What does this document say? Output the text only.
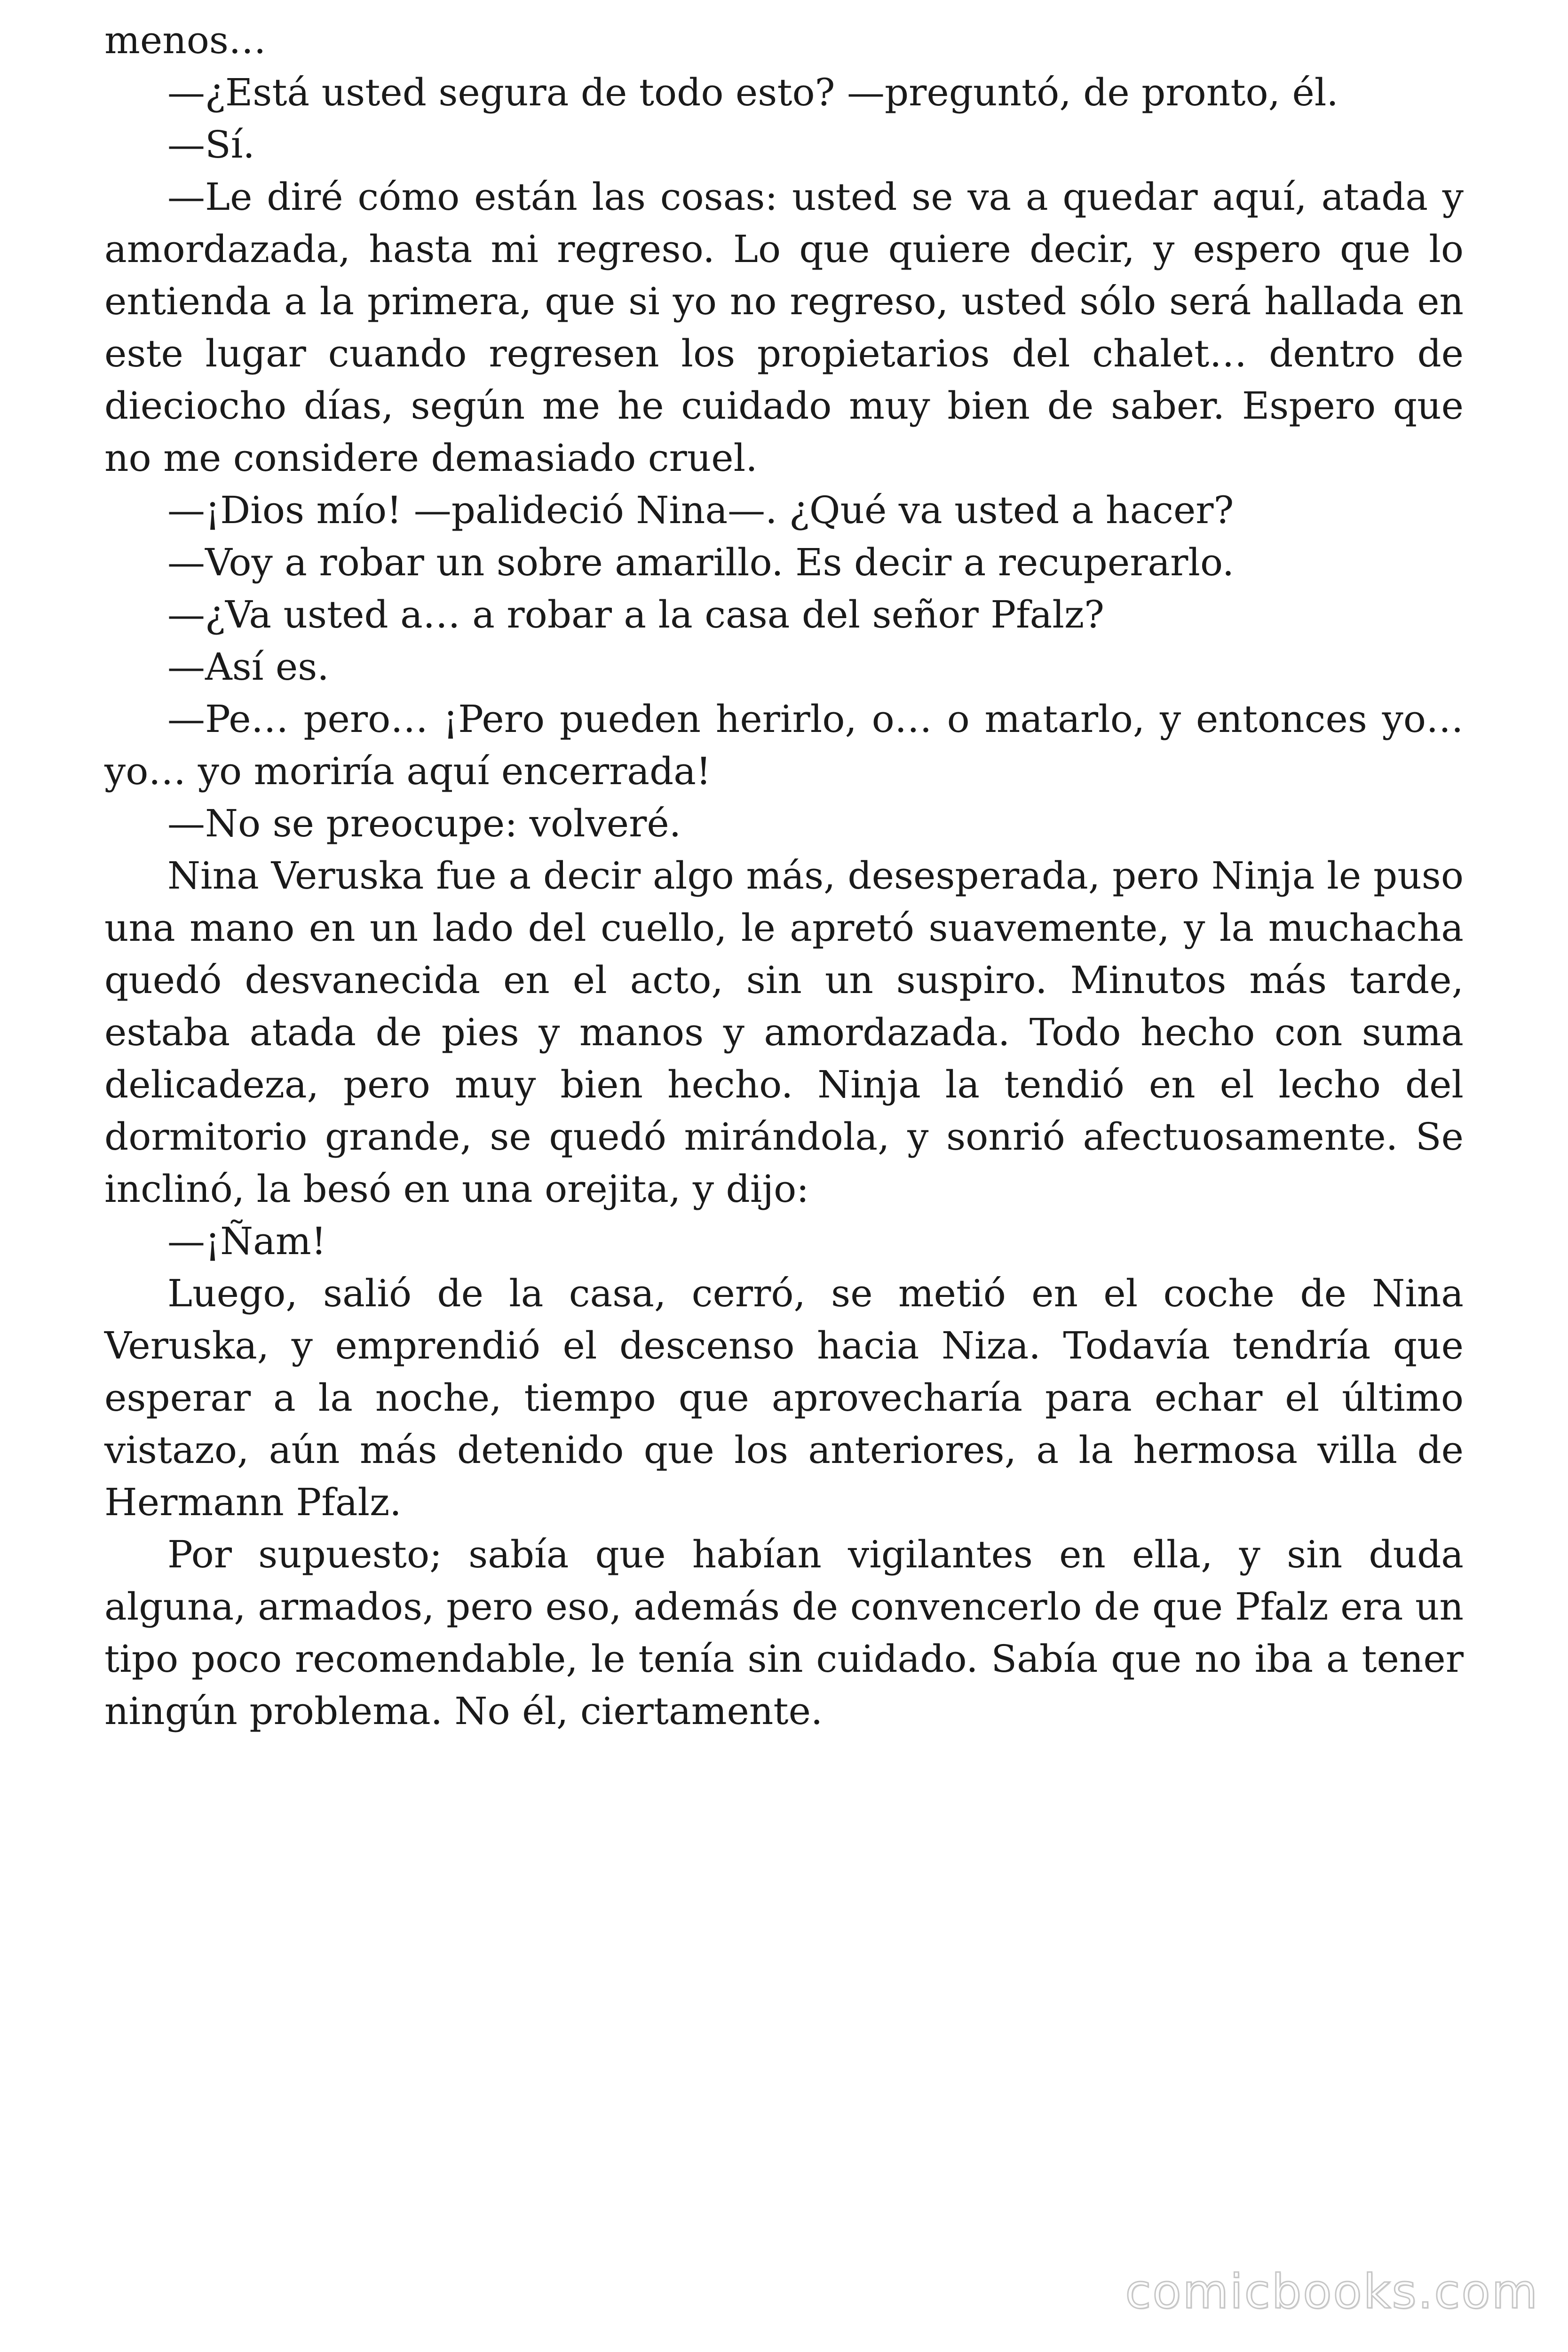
menos…

—¿Está usted segura de todo esto? —preguntó, de pronto, él.

—Sí.

—Le diré cómo están las cosas: usted se va a quedar aquí, atada y amordazada, hasta mi regreso. Lo que quiere decir, y espero que lo entienda a la primera, que si yo no regreso, usted sólo será hallada en este lugar cuando regresen los propietarios del chalet… dentro de dieciocho días, según me he cuidado muy bien de saber. Espero que no me considere demasiado cruel.

—¡Dios mío! —palideció Nina—. ¿Qué va usted a hacer?

—Voy a robar un sobre amarillo. Es decir a recuperarlo.

—¿Va usted a… a robar a la casa del señor Pfalz?

—Así es.

—Pe… pero… ¡Pero pueden herirlo, o… o matarlo, y entonces yo… yo… yo moriría aquí encerrada!

—No se preocupe: volveré.

Nina Veruska fue a decir algo más, desesperada, pero Ninja le puso una mano en un lado del cuello, le apretó suavemente, y la muchacha quedó desvanecida en el acto, sin un suspiro. Minutos más tarde, estaba atada de pies y manos y amordazada. Todo hecho con suma delicadeza, pero muy bien hecho. Ninja la tendió en el lecho del dormitorio grande, se quedó mirándola, y sonrió afectuosamente. Se inclinó, la besó en una orejita, y dijo:

—¡Ñam!

Luego, salió de la casa, cerró, se metió en el coche de Nina Veruska, y emprendió el descenso hacia Niza. Todavía tendría que esperar a la noche, tiempo que aprovecharía para echar el último vistazo, aún más detenido que los anteriores, a la hermosa villa de Hermann Pfalz.

Por supuesto; sabía que habían vigilantes en ella, y sin duda alguna, armados, pero eso, además de convencerlo de que Pfalz era un tipo poco recomendable, le tenía sin cuidado. Sabía que no iba a tener ningún problema. No él, ciertamente.

comicbooks.com
